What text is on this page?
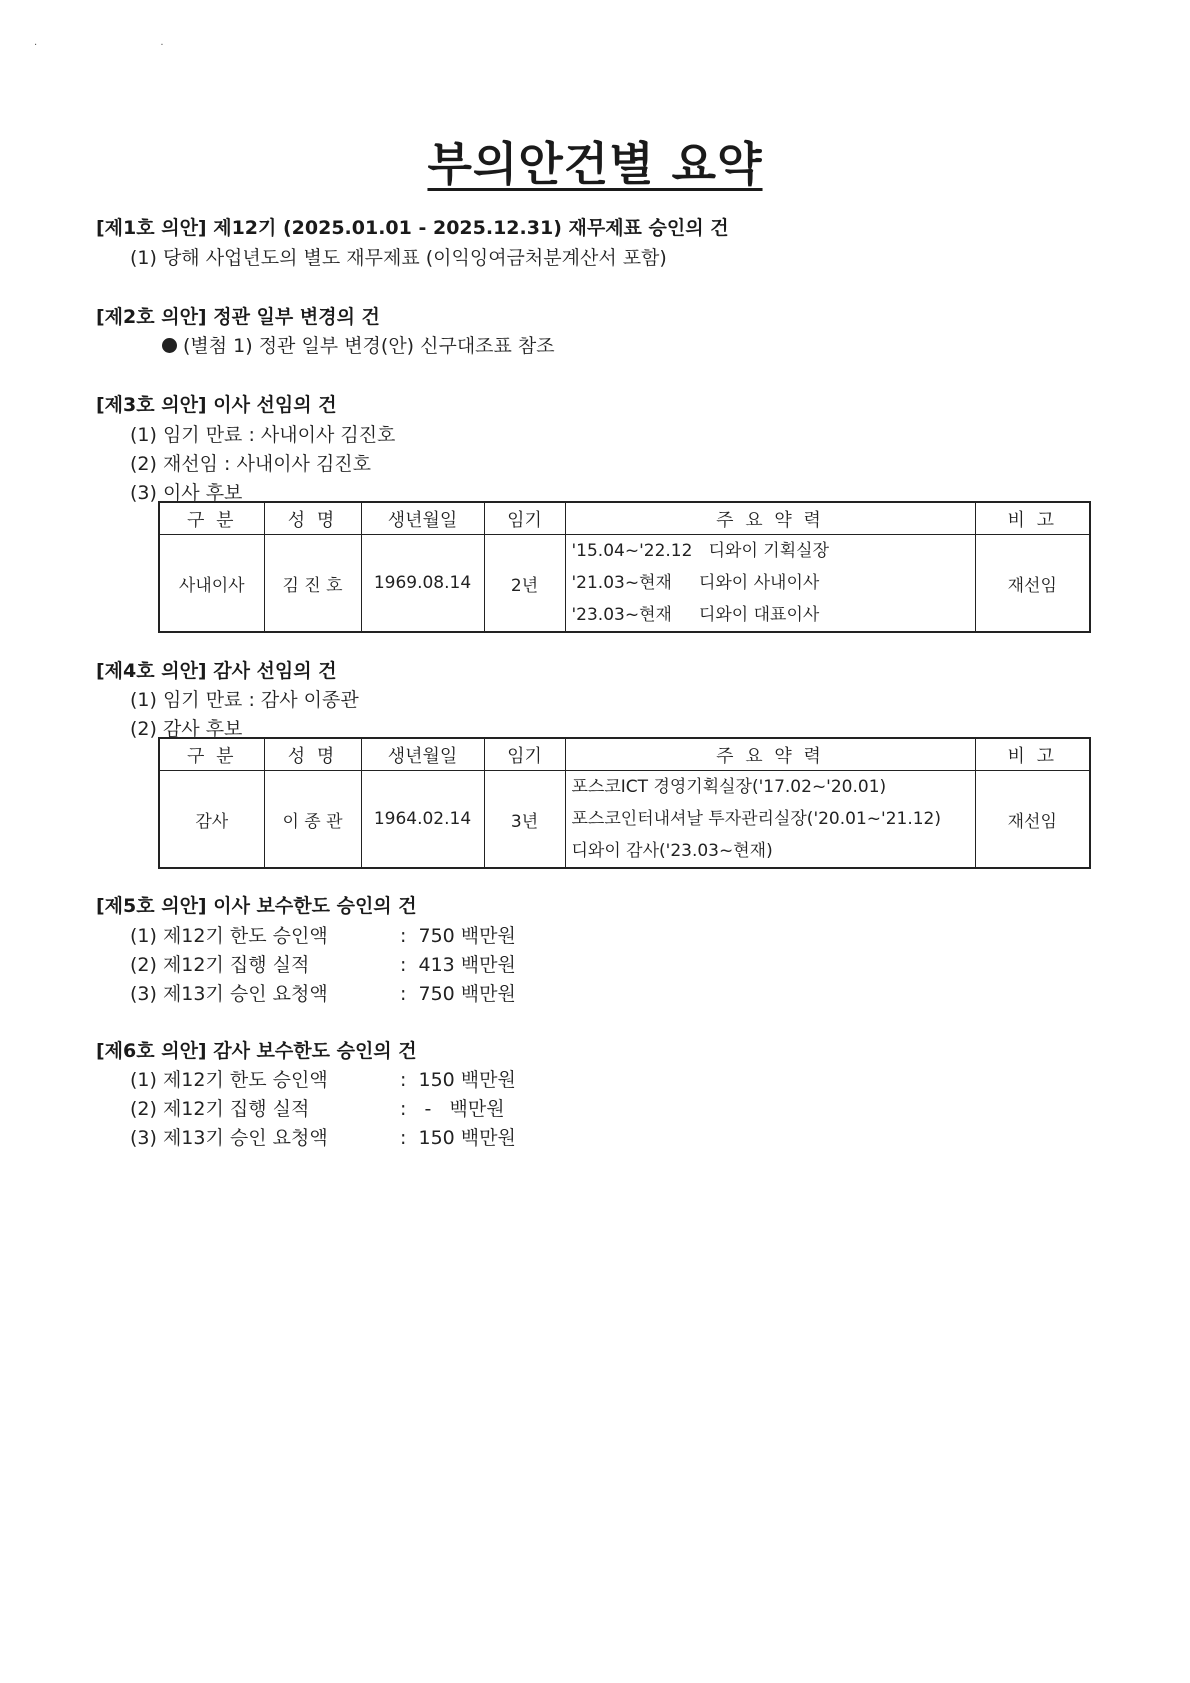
· ·
부의안건별 요약
[제1호 의안] 제12기 (2025.01.01 - 2025.12.31) 재무제표 승인의 건
(1) 당해 사업년도의 별도 재무제표 (이익잉여금처분계산서 포함)
[제2호 의안] 정관 일부 변경의 건
(별첨 1) 정관 일부 변경(안) 신구대조표 참조
[제3호 의안] 이사 선임의 건
(1) 임기 만료 : 사내이사 김진호
(2) 재선임 : 사내이사 김진호
(3) 이사 후보
구 분	성 명	생년월일	임기	주 요 약 력	비 고
사내이사	김 진 호	1969.08.14	2년	'15.04~'22.12   디와이 기획실장
'21.03~현재     디와이 사내이사
'23.03~현재     디와이 대표이사	재선임
[제4호 의안] 감사 선임의 건
(1) 임기 만료 : 감사 이종관
(2) 감사 후보
구 분	성 명	생년월일	임기	주 요 약 력	비 고
감사	이 종 관	1964.02.14	3년	포스코ICT 경영기획실장('17.02~'20.01)
포스코인터내셔날 투자관리실장('20.01~'21.12)
디와이 감사('23.03~현재)	재선임
[제5호 의안] 이사 보수한도 승인의 건
(1) 제12기 한도 승인액	:  750 백만원
(2) 제12기 집행 실적	:  413 백만원
(3) 제13기 승인 요청액	:  750 백만원
[제6호 의안] 감사 보수한도 승인의 건
(1) 제12기 한도 승인액	:  150 백만원
(2) 제12기 집행 실적	:   -   백만원
(3) 제13기 승인 요청액	:  150 백만원
